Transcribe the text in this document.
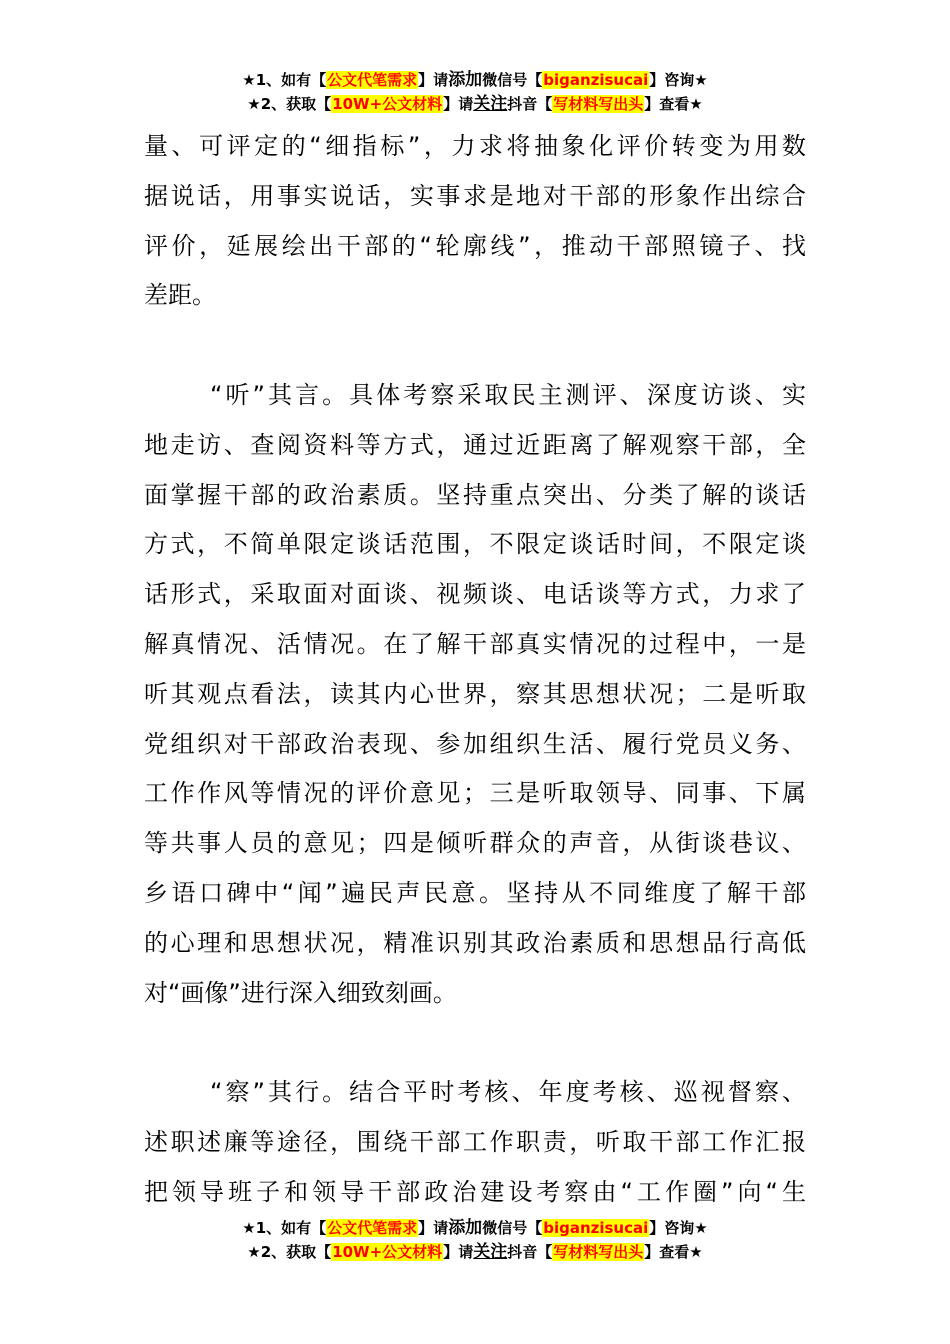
★1、如有【公文代笔需求】请添加微信号【biganzisucai】咨询★
★2、获取【10W+公文材料】请关注抖音【写材料写出头】查看★
量、可评定的“细指标”，力求将抽象化评价转变为用数
据说话，用事实说话，实事求是地对干部的形象作出综合
评价，延展绘出干部的“轮廓线”，推动干部照镜子、找
差距。
“听”其言。具体考察采取民主测评、深度访谈、实
地走访、查阅资料等方式，通过近距离了解观察干部，全
面掌握干部的政治素质。坚持重点突出、分类了解的谈话
方式，不简单限定谈话范围，不限定谈话时间，不限定谈
话形式，采取面对面谈、视频谈、电话谈等方式，力求了
解真情况、活情况。在了解干部真实情况的过程中，一是
听其观点看法，读其内心世界，察其思想状况；二是听取
党组织对干部政治表现、参加组织生活、履行党员义务、
工作作风等情况的评价意见；三是听取领导、同事、下属
等共事人员的意见；四是倾听群众的声音，从街谈巷议、
乡语口碑中“闻”遍民声民意。坚持从不同维度了解干部
的心理和思想状况，精准识别其政治素质和思想品行高低
对“画像”进行深入细致刻画。
“察”其行。结合平时考核、年度考核、巡视督察、
述职述廉等途径，围绕干部工作职责，听取干部工作汇报
把领导班子和领导干部政治建设考察由“工作圈”向“生
★1、如有【公文代笔需求】请添加微信号【biganzisucai】咨询★
★2、获取【10W+公文材料】请关注抖音【写材料写出头】查看★
